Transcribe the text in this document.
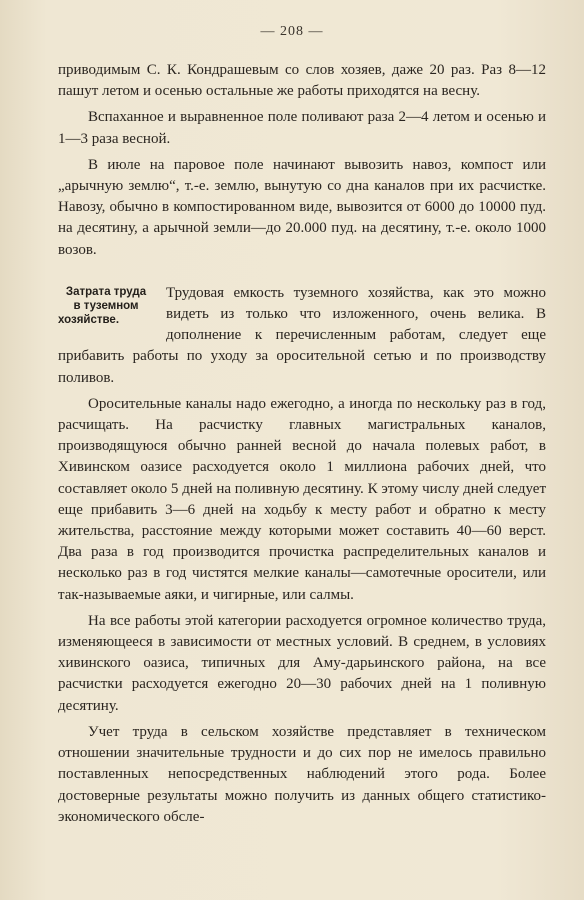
— 208 —

приводимым С. К. Кондрашевым со слов хозяев, даже 20 раз. Раз 8—12 пашут летом и осенью остальные же работы приходятся на весну.

Вспаханное и выравненное поле поливают раза 2—4 летом и осенью и 1—3 раза весной.

В июле на паровое поле начинают вывозить навоз, компост или „арычную землю“, т.-е. землю, вынутую со дна каналов при их расчистке. Навозу, обычно в компостированном виде, вывозится от 6000 до 10000 пуд. на десятину, а арычной земли—до 20.000 пуд. на десятину, т.-е. около 1000 возов.

Затрата труда
в туземном
хозяйстве.

Трудовая емкость туземного хозяйства, как это можно видеть из только что изложенного, очень велика. В дополнение к перечисленным работам, следует еще прибавить работы по уходу за оросительной сетью и по производству поливов.

Оросительные каналы надо ежегодно, а иногда по нескольку раз в год, расчищать. На расчистку главных магистральных каналов, производящуюся обычно ранней весной до начала полевых работ, в Хивинском оазисе расходуется около 1 миллиона рабочих дней, что составляет около 5 дней на поливную десятину. К этому числу дней следует еще прибавить 3—6 дней на ходьбу к месту работ и обратно к месту жительства, расстояние между которыми может составить 40—60 верст. Два раза в год производится прочистка распределительных каналов и несколько раз в год чистятся мелкие каналы—самотечные оросители, или так-называемые аяки, и чигирные, или салмы.

На все работы этой категории расходуется огромное количество труда, изменяющееся в зависимости от местных условий. В среднем, в условиях хивинского оазиса, типичных для Аму-дарьинского района, на все расчистки расходуется ежегодно 20—30 рабочих дней на 1 поливную десятину.

Учет труда в сельском хозяйстве представляет в техническом отношении значительные трудности и до сих пор не имелось правильно поставленных непосредственных наблюдений этого рода. Более достоверные результаты можно получить из данных общего статистико-экономического обсле-
